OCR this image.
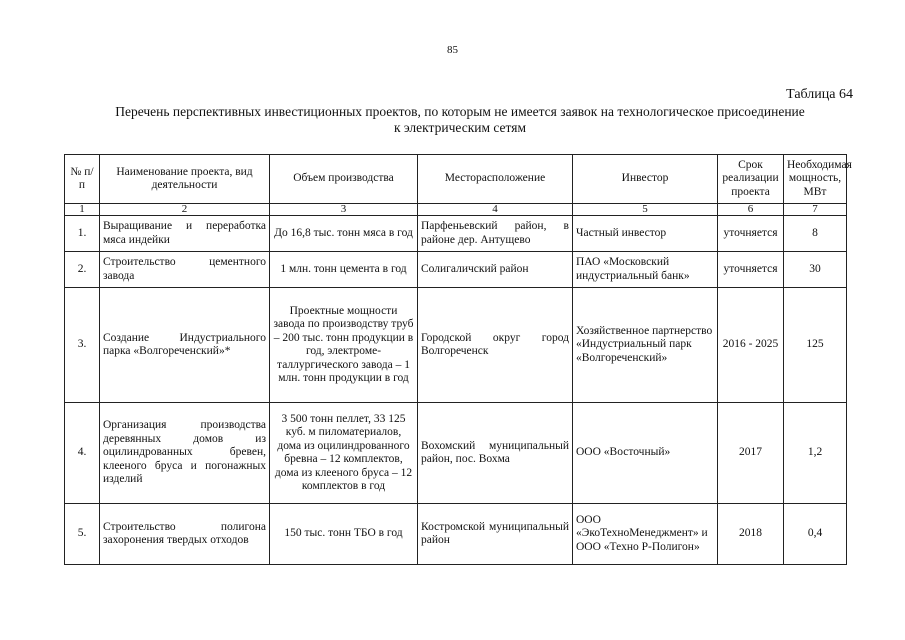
85
Таблица 64
Перечень перспективных инвестиционных проектов, по которым не имеется заявок на технологическое присоединение
к электрическим сетям
№ п/п	Наименование проекта, вид деятельности	Объем производства	Месторасположение	Инвестор	Срок реализации проекта	Необходимая мощность, МВт
1	2	3	4	5	6	7
1.	Выращивание и переработка мяса индейки	До 16,8 тыс. тонн мяса в год	Парфеньевский район, в районе дер. Антущево	Частный инвестор	уточняется	8
2.	Строительство цементного завода	1 млн. тонн цемента в год	Солигаличский район	ПАО «Московский индустриальный банк»	уточняется	30
3.	Создание Индустриального парка «Волгореченский»*	Проектные мощности завода по производству труб – 200 тыс. тонн продукции в год, электроме-таллургического завода – 1 млн. тонн продукции в год	Городской округ город Волгореченск	Хозяйственное партнерство «Индустриальный парк «Волгореченский»	2016 - 2025	125
4.	Организация производства деревянных домов из оцилиндрованных бревен, клееного бруса и погонажных изделий	3 500 тонн пеллет, 33 125 куб. м пиломатериалов, дома из оцилиндрованного бревна – 12 комплектов, дома из клееного бруса – 12 комплектов в год	Вохомский муниципальный район, пос. Вохма	ООО «Восточный»	2017	1,2
5.	Строительство полигона захоронения твердых отходов	150 тыс. тонн ТБО в год	Костромской муниципальный район	ООО «ЭкоТехноМенеджмент» и ООО «Техно Р-Полигон»	2018	0,4
